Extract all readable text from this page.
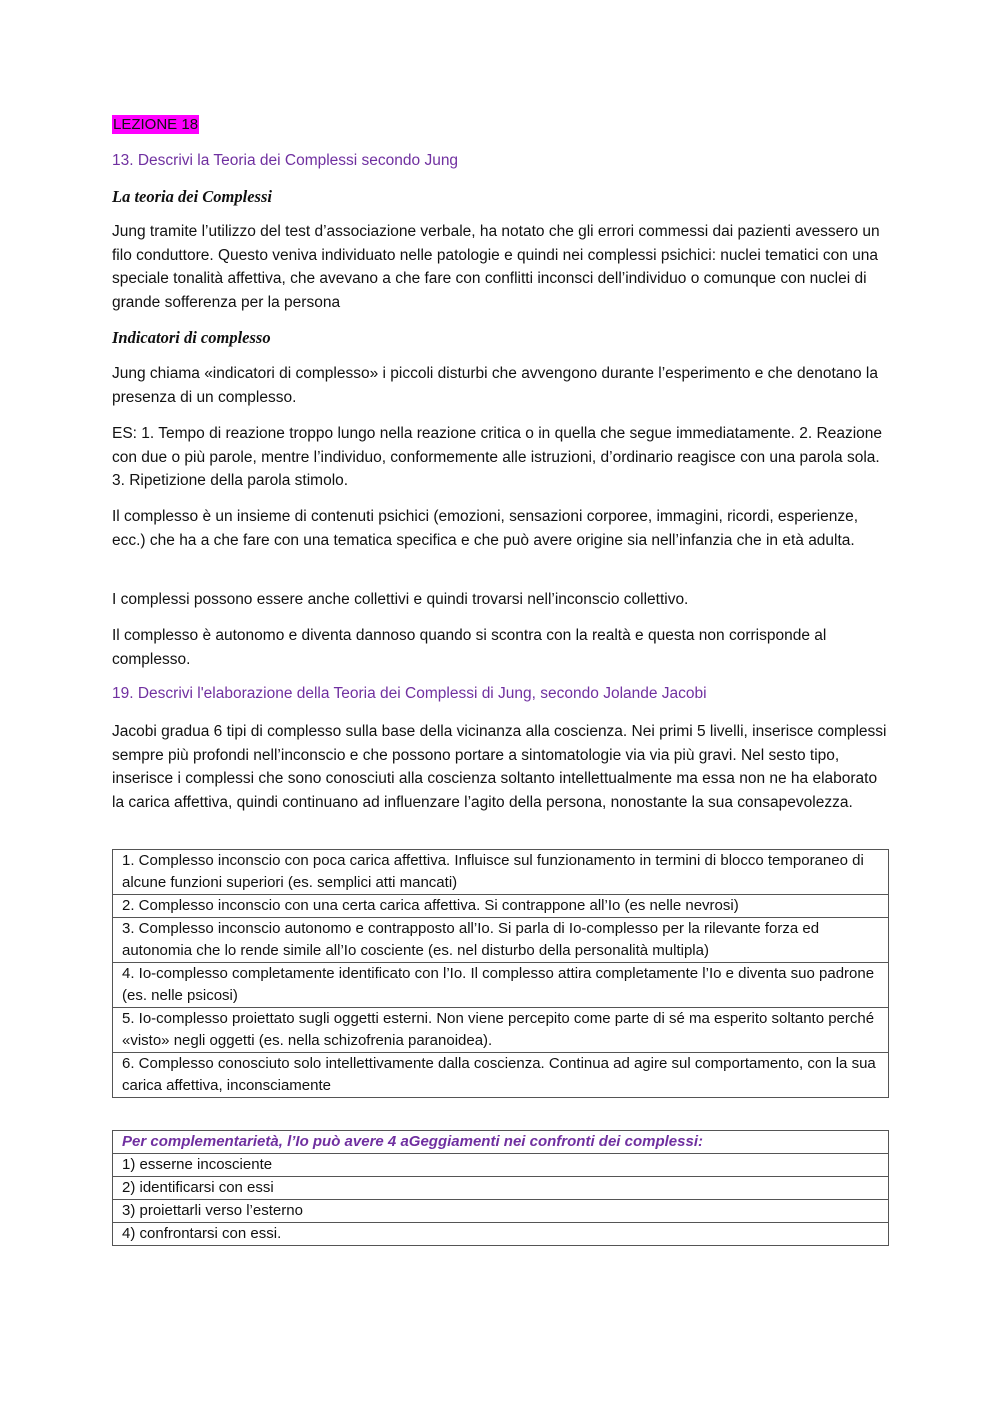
LEZIONE 18
13. Descrivi la Teoria dei Complessi secondo Jung
La teoria dei Complessi

Jung tramite l’utilizzo del test d’associazione verbale, ha notato che gli errori commessi dai pazienti avessero un filo conduttore. Questo veniva individuato nelle patologie e quindi nei complessi psichici: nuclei tematici con una speciale tonalità affettiva, che avevano a che fare con conflitti inconsci dell’individuo o comunque con nuclei di grande sofferenza per la persona

Indicatori di complesso

Jung chiama «indicatori di complesso» i piccoli disturbi che avvengono durante l’esperimento e che denotano la presenza di un complesso.

ES: 1. Tempo di reazione troppo lungo nella reazione critica o in quella che segue immediatamente. 2. Reazione con due o più parole, mentre l’individuo, conformemente alle istruzioni, d’ordinario reagisce con una parola sola. 3. Ripetizione della parola stimolo.

Il complesso è un insieme di contenuti psichici (emozioni, sensazioni corporee, immagini, ricordi, esperienze, ecc.) che ha a che fare con una tematica specifica e che può avere origine sia nell’infanzia che in età adulta.

I complessi possono essere anche collettivi e quindi trovarsi nell’inconscio collettivo.

Il complesso è autonomo e diventa dannoso quando si scontra con la realtà e questa non corrisponde al complesso.

19. Descrivi l'elaborazione della Teoria dei Complessi di Jung, secondo Jolande Jacobi

Jacobi gradua 6 tipi di complesso sulla base della vicinanza alla coscienza. Nei primi 5 livelli, inserisce complessi sempre più profondi nell’inconscio e che possono portare a sintomatologie via via più gravi. Nel sesto tipo, inserisce i complessi che sono conosciuti alla coscienza soltanto intellettualmente ma essa non ne ha elaborato la carica affettiva, quindi continuano ad influenzare l’agito della persona, nonostante la sua consapevolezza.

1. Complesso inconscio con poca carica affettiva. Influisce sul funzionamento in termini di blocco temporaneo di alcune funzioni superiori (es. semplici atti mancati)
2. Complesso inconscio con una certa carica affettiva. Si contrappone all’Io (es nelle nevrosi)
3. Complesso inconscio autonomo e contrapposto all’Io. Si parla di Io-complesso per la rilevante forza ed autonomia che lo rende simile all’Io cosciente (es. nel disturbo della personalità multipla)
4. Io-complesso completamente identificato con l’Io. Il complesso attira completamente l’Io e diventa suo padrone (es. nelle psicosi)
5. Io-complesso proiettato sugli oggetti esterni. Non viene percepito come parte di sé ma esperito soltanto perché «visto» negli oggetti (es. nella schizofrenia paranoidea).
6. Complesso conosciuto solo intellettivamente dalla coscienza. Continua ad agire sul comportamento, con la sua carica affettiva, inconsciamente
Per complementarietà, l’Io può avere 4 aGeggiamenti nei confronti dei complessi:
1) esserne incosciente
2) identificarsi con essi
3) proiettarli verso l’esterno
4) confrontarsi con essi.
